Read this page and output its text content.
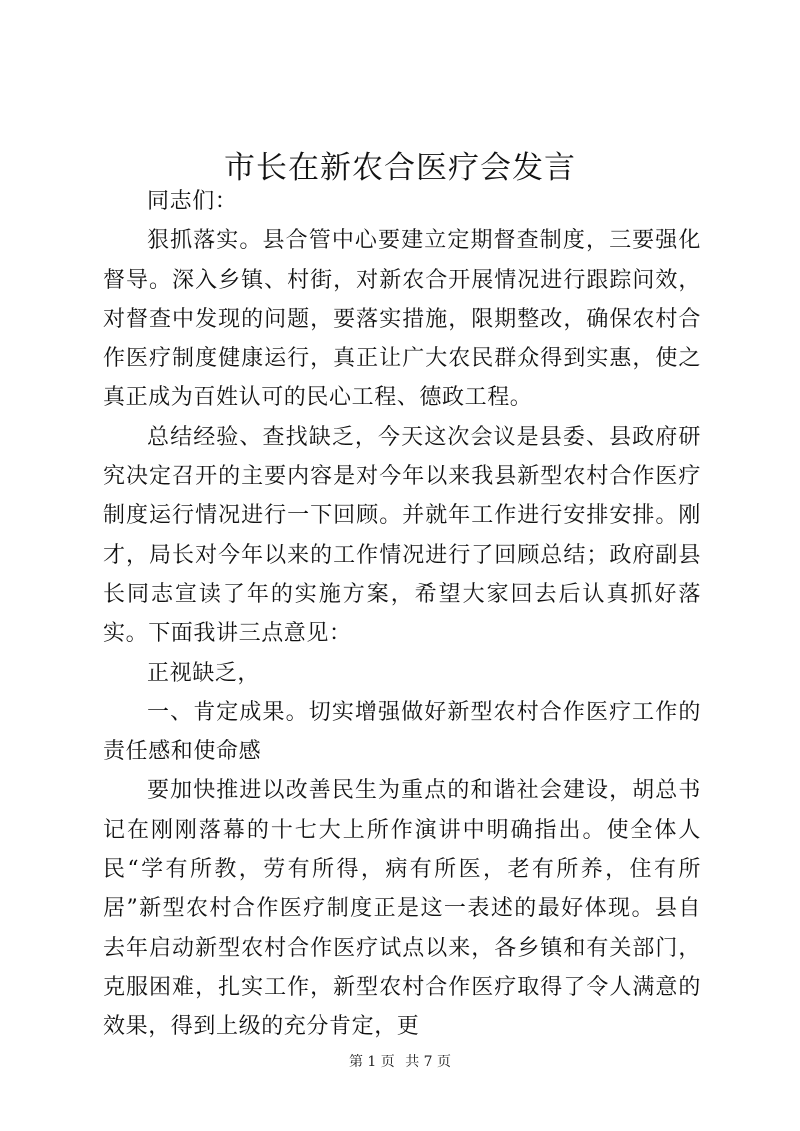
市长在新农合医疗会发言

同志们：

狠抓落实。县合管中心要建立定期督查制度，三要强化督导。深入乡镇、村街，对新农合开展情况进行跟踪问效，对督查中发现的问题，要落实措施，限期整改，确保农村合作医疗制度健康运行，真正让广大农民群众得到实惠，使之真正成为百姓认可的民心工程、德政工程。

总结经验、查找缺乏，今天这次会议是县委、县政府研究决定召开的主要内容是对今年以来我县新型农村合作医疗制度运行情况进行一下回顾。并就年工作进行安排安排。刚才，局长对今年以来的工作情况进行了回顾总结；政府副县长同志宣读了年的实施方案，希望大家回去后认真抓好落实。下面我讲三点意见：

正视缺乏，

一、肯定成果。切实增强做好新型农村合作医疗工作的责任感和使命感

要加快推进以改善民生为重点的和谐社会建设，胡总书记在刚刚落幕的十七大上所作演讲中明确指出。使全体人民“学有所教，劳有所得，病有所医，老有所养，住有所居”新型农村合作医疗制度正是这一表述的最好体现。县自去年启动新型农村合作医疗试点以来，各乡镇和有关部门，克服困难，扎实工作，新型农村合作医疗取得了令人满意的效果，得到上级的充分肯定，更

第 1 页 共 7 页
